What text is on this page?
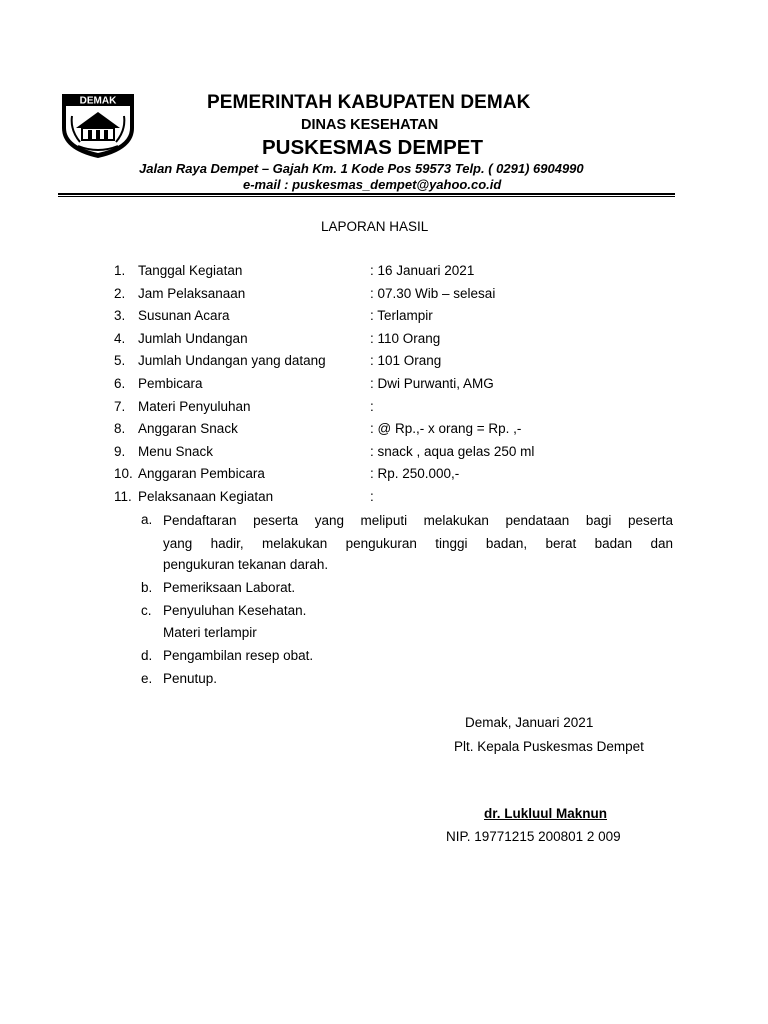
DEMAK	PEMERINTAH KABUPATEN DEMAK
DINAS KESEHATAN
PUSKESMAS DEMPET
Jalan Raya Dempet – Gajah Km. 1 Kode Pos 59573 Telp. ( 0291) 6904990
e-mail : puskesmas_dempet@yahoo.co.id
LAPORAN HASIL
1. Tanggal Kegiatan	: 16 Januari 2021
2. Jam Pelaksanaan	: 07.30 Wib – selesai
3. Susunan Acara	: Terlampir
4. Jumlah Undangan	: 110 Orang
5. Jumlah Undangan yang datang	: 101 Orang
6. Pembicara	: Dwi Purwanti, AMG
7. Materi Penyuluhan	:
8. Anggaran Snack	: @ Rp.,- x orang = Rp. ,-
9. Menu Snack	: snack , aqua gelas 250 ml
10. Anggaran Pembicara	: Rp. 250.000,-
11. Pelaksanaan Kegiatan	:
a. Pendaftaran peserta yang meliputi melakukan pendataan bagi peserta
yang hadir, melakukan pengukuran tinggi badan, berat badan dan
pengukuran tekanan darah.
b. Pemeriksaan Laborat.
c. Penyuluhan Kesehatan.
Materi terlampir
d. Pengambilan resep obat.
e. Penutup.
Demak, Januari 2021
Plt. Kepala Puskesmas Dempet
dr. Lukluul Maknun
NIP. 19771215 200801 2 009
